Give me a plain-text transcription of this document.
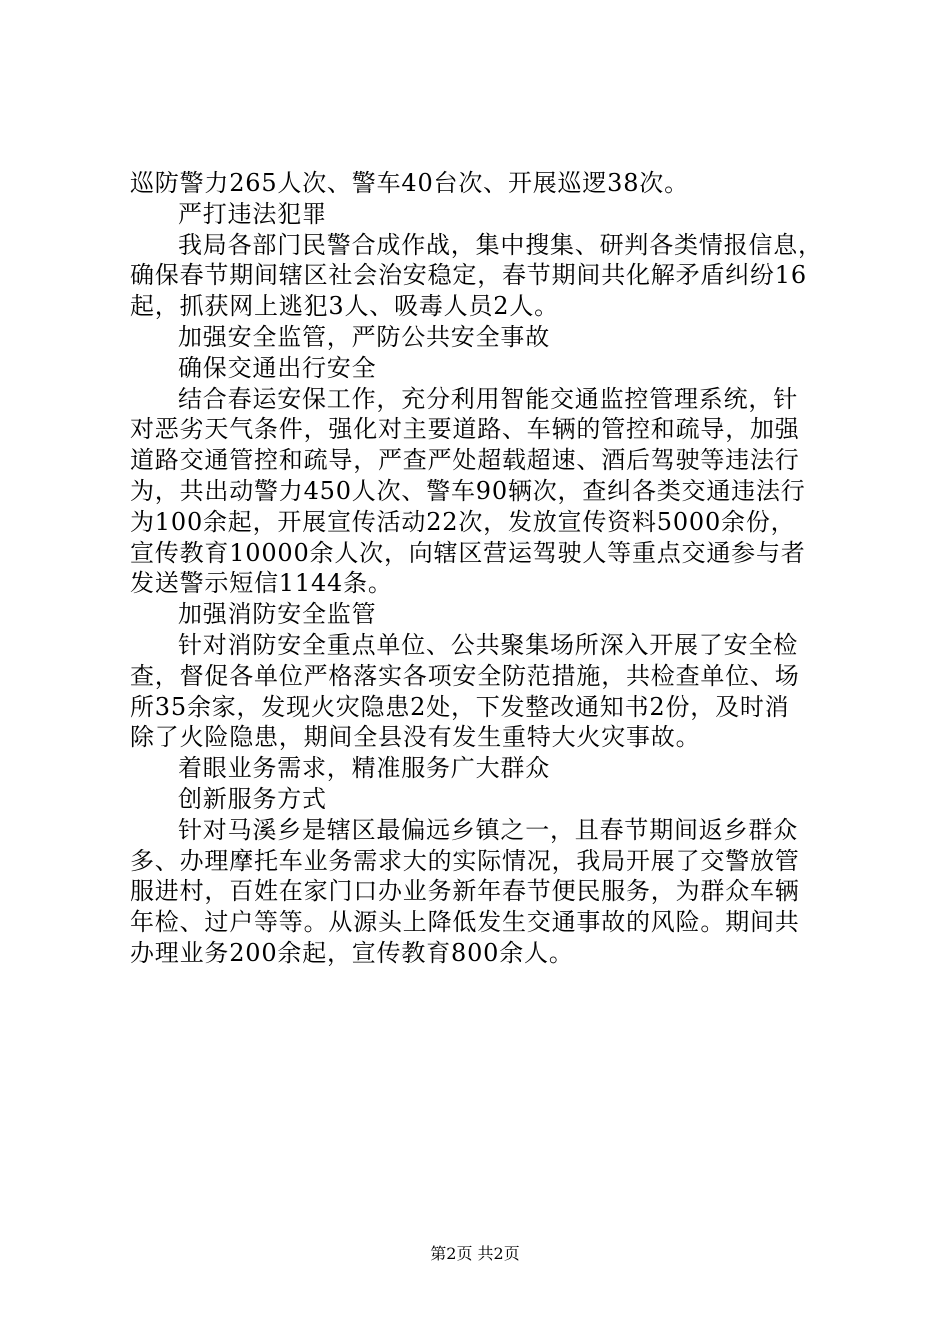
巡防警力265人次、警车40台次、开展巡逻38次。
严打违法犯罪
我局各部门民警合成作战，集中搜集、研判各类情报信息，
确保春节期间辖区社会治安稳定，春节期间共化解矛盾纠纷16
起，抓获网上逃犯3人、吸毒人员2人。
加强安全监管，严防公共安全事故
确保交通出行安全
结合春运安保工作，充分利用智能交通监控管理系统，针
对恶劣天气条件，强化对主要道路、车辆的管控和疏导，加强
道路交通管控和疏导，严查严处超载超速、酒后驾驶等违法行
为，共出动警力450人次、警车90辆次，查纠各类交通违法行
为100余起，开展宣传活动22次，发放宣传资料5000余份，
宣传教育10000余人次，向辖区营运驾驶人等重点交通参与者
发送警示短信1144条。
加强消防安全监管
针对消防安全重点单位、公共聚集场所深入开展了安全检
查，督促各单位严格落实各项安全防范措施，共检查单位、场
所35余家，发现火灾隐患2处，下发整改通知书2份，及时消
除了火险隐患，期间全县没有发生重特大火灾事故。
着眼业务需求，精准服务广大群众
创新服务方式
针对马溪乡是辖区最偏远乡镇之一，且春节期间返乡群众
多、办理摩托车业务需求大的实际情况，我局开展了交警放管
服进村，百姓在家门口办业务新年春节便民服务，为群众车辆
年检、过户等等。从源头上降低发生交通事故的风险。期间共
办理业务200余起，宣传教育800余人。
第2页 共2页
